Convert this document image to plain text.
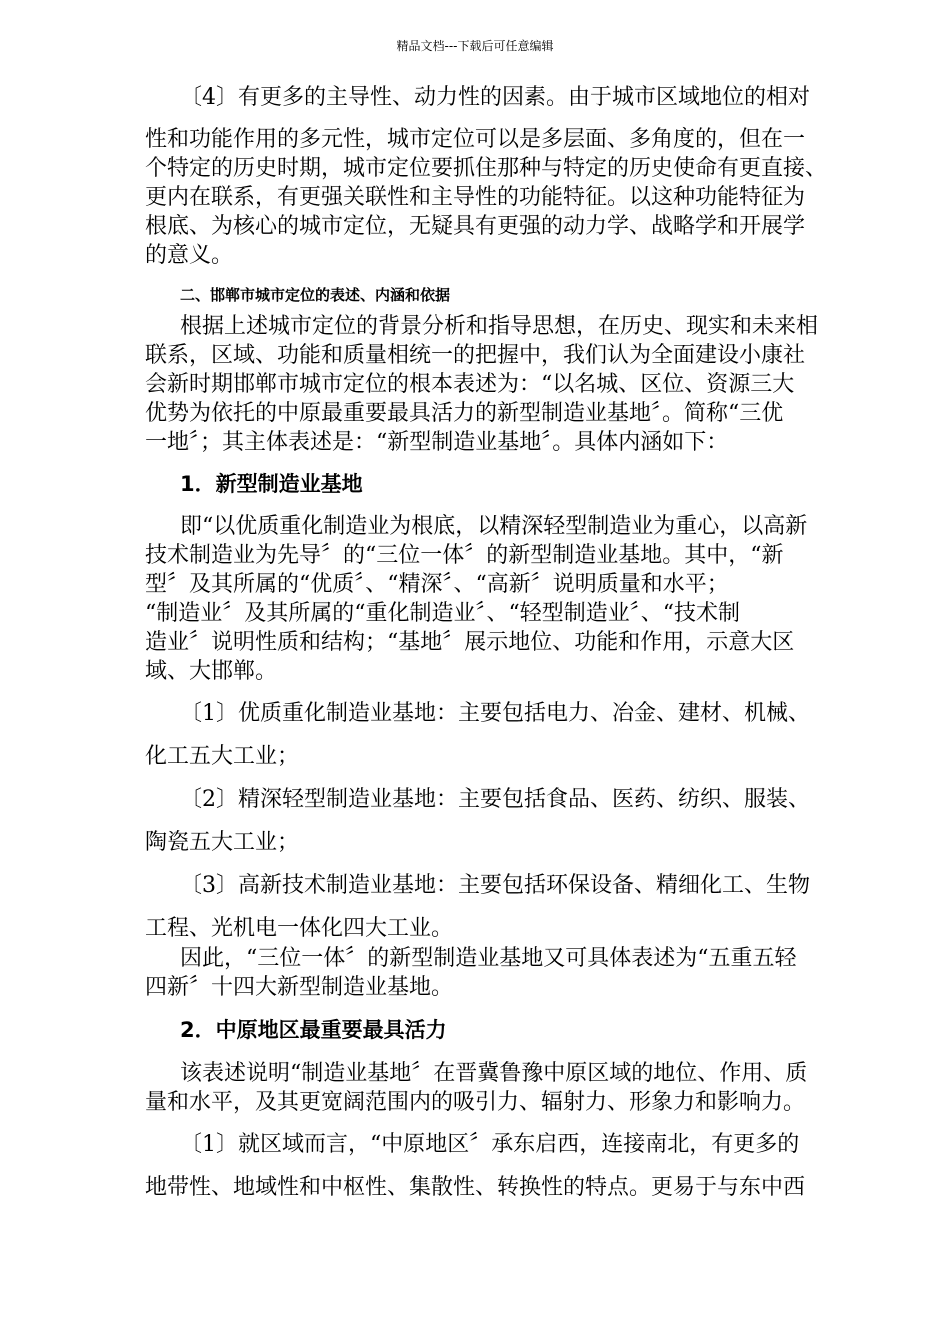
精品文档---下载后可任意编辑
〔4〕有更多的主导性、动力性的因素。由于城市区域地位的相对
性和功能作用的多元性，城市定位可以是多层面、多角度的，但在一
个特定的历史时期，城市定位要抓住那种与特定的历史使命有更直接、
更内在联系，有更强关联性和主导性的功能特征。以这种功能特征为
根底、为核心的城市定位，无疑具有更强的动力学、战略学和开展学
的意义。
二、邯郸市城市定位的表述、内涵和依据
根据上述城市定位的背景分析和指导思想，在历史、现实和未来相
联系，区域、功能和质量相统一的把握中，我们认为全面建设小康社
会新时期邯郸市城市定位的根本表述为：“以名城、区位、资源三大
优势为依托的中原最重要最具活力的新型制造业基地〞。简称“三优
一地〞；其主体表述是：“新型制造业基地〞。具体内涵如下：
1．新型制造业基地
即“以优质重化制造业为根底，以精深轻型制造业为重心，以高新
技术制造业为先导〞的“三位一体〞的新型制造业基地。其中，“新
型〞及其所属的“优质〞、“精深〞、“高新〞说明质量和水平；
“制造业〞及其所属的“重化制造业〞、“轻型制造业〞、“技术制
造业〞说明性质和结构；“基地〞展示地位、功能和作用，示意大区
域、大邯郸。
〔1〕优质重化制造业基地：主要包括电力、冶金、建材、机械、
化工五大工业；
〔2〕精深轻型制造业基地：主要包括食品、医药、纺织、服装、
陶瓷五大工业；
〔3〕高新技术制造业基地：主要包括环保设备、精细化工、生物
工程、光机电一体化四大工业。
因此，“三位一体〞的新型制造业基地又可具体表述为“五重五轻
四新〞十四大新型制造业基地。
2．中原地区最重要最具活力
该表述说明“制造业基地〞在晋冀鲁豫中原区域的地位、作用、质
量和水平，及其更宽阔范围内的吸引力、辐射力、形象力和影响力。
〔1〕就区域而言，“中原地区〞承东启西，连接南北，有更多的
地带性、地域性和中枢性、集散性、转换性的特点。更易于与东中西
